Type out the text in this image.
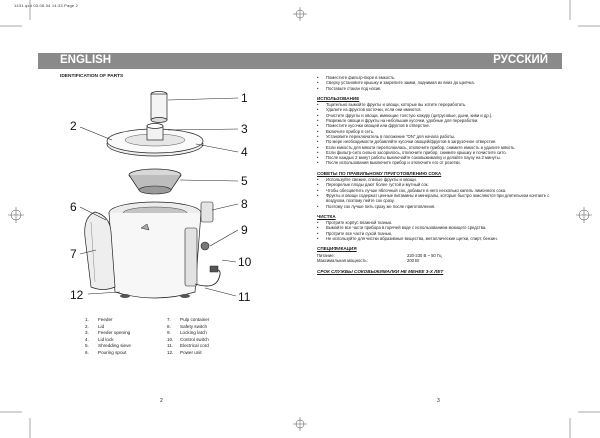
1431.qxd 03.06.04 14:33 Page 2
ENGLISH	РУССКИЙ
IDENTIFICATION OF PARTS
1
2	3
4
5
6
7
8
9
10
11
12
1.	Feeder	7.	Pulp container
2.	Lid	8.	Safety switch
3.	Feeder opening	9.	Locking latch
4.	Lid lock	10.	Control switch
5.	Shredding sieve	11.	Electrical cord
6.	Pouring spout	12.	Power unit
2	3
• Поместите фильтр-пюре в емкость.
• Сверху установите крышку и закрепите замки, поднимая их вниз до щелчка.
• Поставьте стакан под носик.
ИСПОЛЬЗОВАНИЕ
• Тщательно вымойте фрукты и овощи, которые вы хотите переработать.
• Удалите из фруктов косточки, если они имеются.
• Очистите фрукты и овощи, имеющие толстую кожуру (цитрусовые, дыни, киви и др.).
• Разрежьте овощи и фрукты на небольшие кусочки, удобные для переработки.
• Поместите кусочки овощей или фруктов в отверстие.
• Включите прибор в сеть.
• Установите переключатель в положение "ON" для начала работы.
• По мере необходимости добавляйте кусочки овощей/фруктов в загрузочное отверстие.
• Если емкость для мякоти переполнилась, отключите прибор, снимите емкость и удалите мякоть.
• Если фильтр-сито сильно засорилось, отключите прибор, снимите крышку и почистите сито.
• После каждых 2 минут работы выключайте соковыжималку и делайте паузу на 2 минуты.
• После использования выключите прибор и отключите его от розетки.
СОВЕТЫ ПО ПРАВИЛЬНОМУ ПРИГОТОВЛЕНИЮ СОКА
• Используйте свежие, спелые фрукты и овощи.
• Перезрелые плоды дают более густой и мутный сок.
• Чтобы обесцветить лучше яблочный сок, добавьте в него несколько капель лимонного сока.
• Фрукты и овощи содержат ценные витамины и минералы, которые быстро окисляются при длительном контакте с воздухом, поэтому пейте сок сразу.
• Поэтому сок лучше пить сразу же после приготовления.
ЧИСТКА
• Протрите корпус влажной тканью.
• Вымойте все части прибора в горячей воде с использованием моющего средства.
• Протрите все части сухой тканью.
• Не используйте для чистки абразивные вещества, металлические щетки, спирт, бензин.
СПЕЦИФИКАЦИЯ
Питание:	220-230 В ~ 50 Гц
Максимальная мощность:	200 Вт
СРОК СЛУЖБЫ СОКОВЫЖИМАЛКИ НЕ МЕНЕЕ 3-Х ЛЕТ
